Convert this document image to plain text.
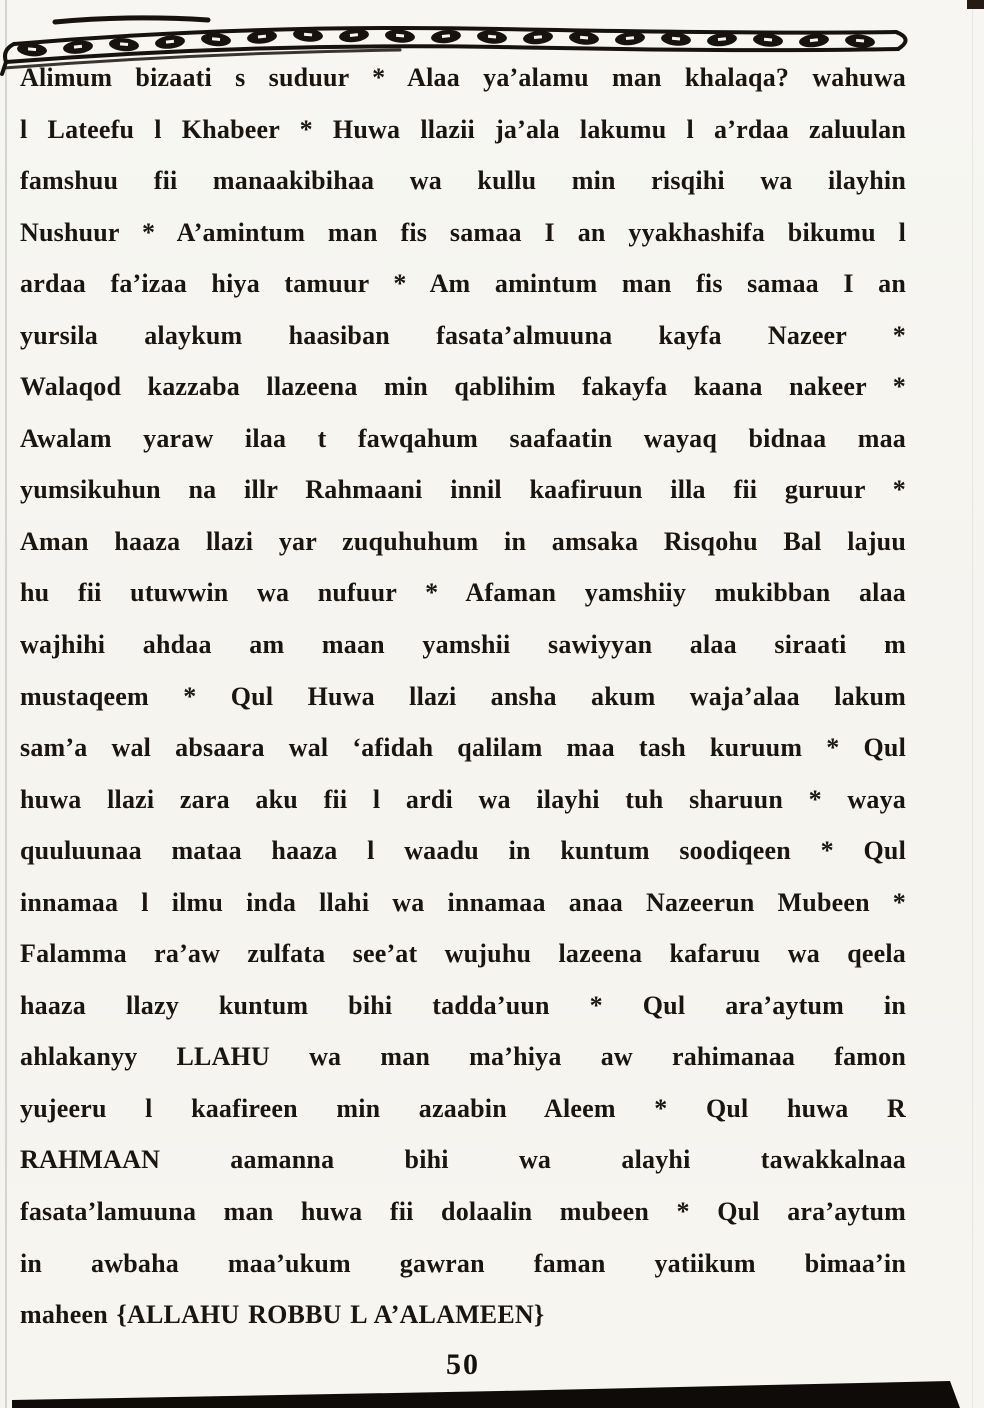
Alimum bizaati s suduur * Alaa ya’alamu man khalaqa? wahuwa
l Lateefu l Khabeer * Huwa llazii ja’ala lakumu l a’rdaa zaluulan
famshuu fii manaakibihaa wa kullu min risqihi wa ilayhin
Nushuur * A’amintum man fis samaa I an yyakhashifa bikumu l
ardaa fa’izaa hiya tamuur * Am amintum man fis samaa I an
yursila alaykum haasiban fasata’almuuna kayfa Nazeer *
Walaqod kazzaba llazeena min qablihim fakayfa kaana nakeer *
Awalam yaraw ilaa t fawqahum saafaatin wayaq bidnaa maa
yumsikuhun na illr Rahmaani innil kaafiruun illa fii guruur *
Aman haaza llazi yar zuquhuhum in amsaka Risqohu Bal lajuu
hu fii utuwwin wa nufuur * Afaman yamshiiy mukibban alaa
wajhihi ahdaa am maan yamshii sawiyyan alaa siraati m
mustaqeem * Qul Huwa llazi ansha akum waja’alaa lakum
sam’a wal absaara wal ‘afidah qalilam maa tash kuruum * Qul
huwa llazi zara aku fii l ardi wa ilayhi tuh sharuun * waya
quuluunaa mataa haaza l waadu in kuntum soodiqeen * Qul
innamaa l ilmu inda llahi wa innamaa anaa Nazeerun Mubeen *
Falamma ra’aw zulfata see’at wujuhu lazeena kafaruu wa qeela
haaza llazy kuntum bihi tadda’uun * Qul ara’aytum in
ahlakanyy LLAHU wa man ma’hiya aw rahimanaa famon
yujeeru l kaafireen min azaabin Aleem * Qul huwa R
RAHMAAN aamanna bihi wa alayhi tawakkalnaa
fasata’lamuuna man huwa fii dolaalin mubeen * Qul ara’aytum
in awbaha maa’ukum gawran faman yatiikum bimaa’in
maheen {ALLAHU ROBBU L A’ALAMEEN}
50
